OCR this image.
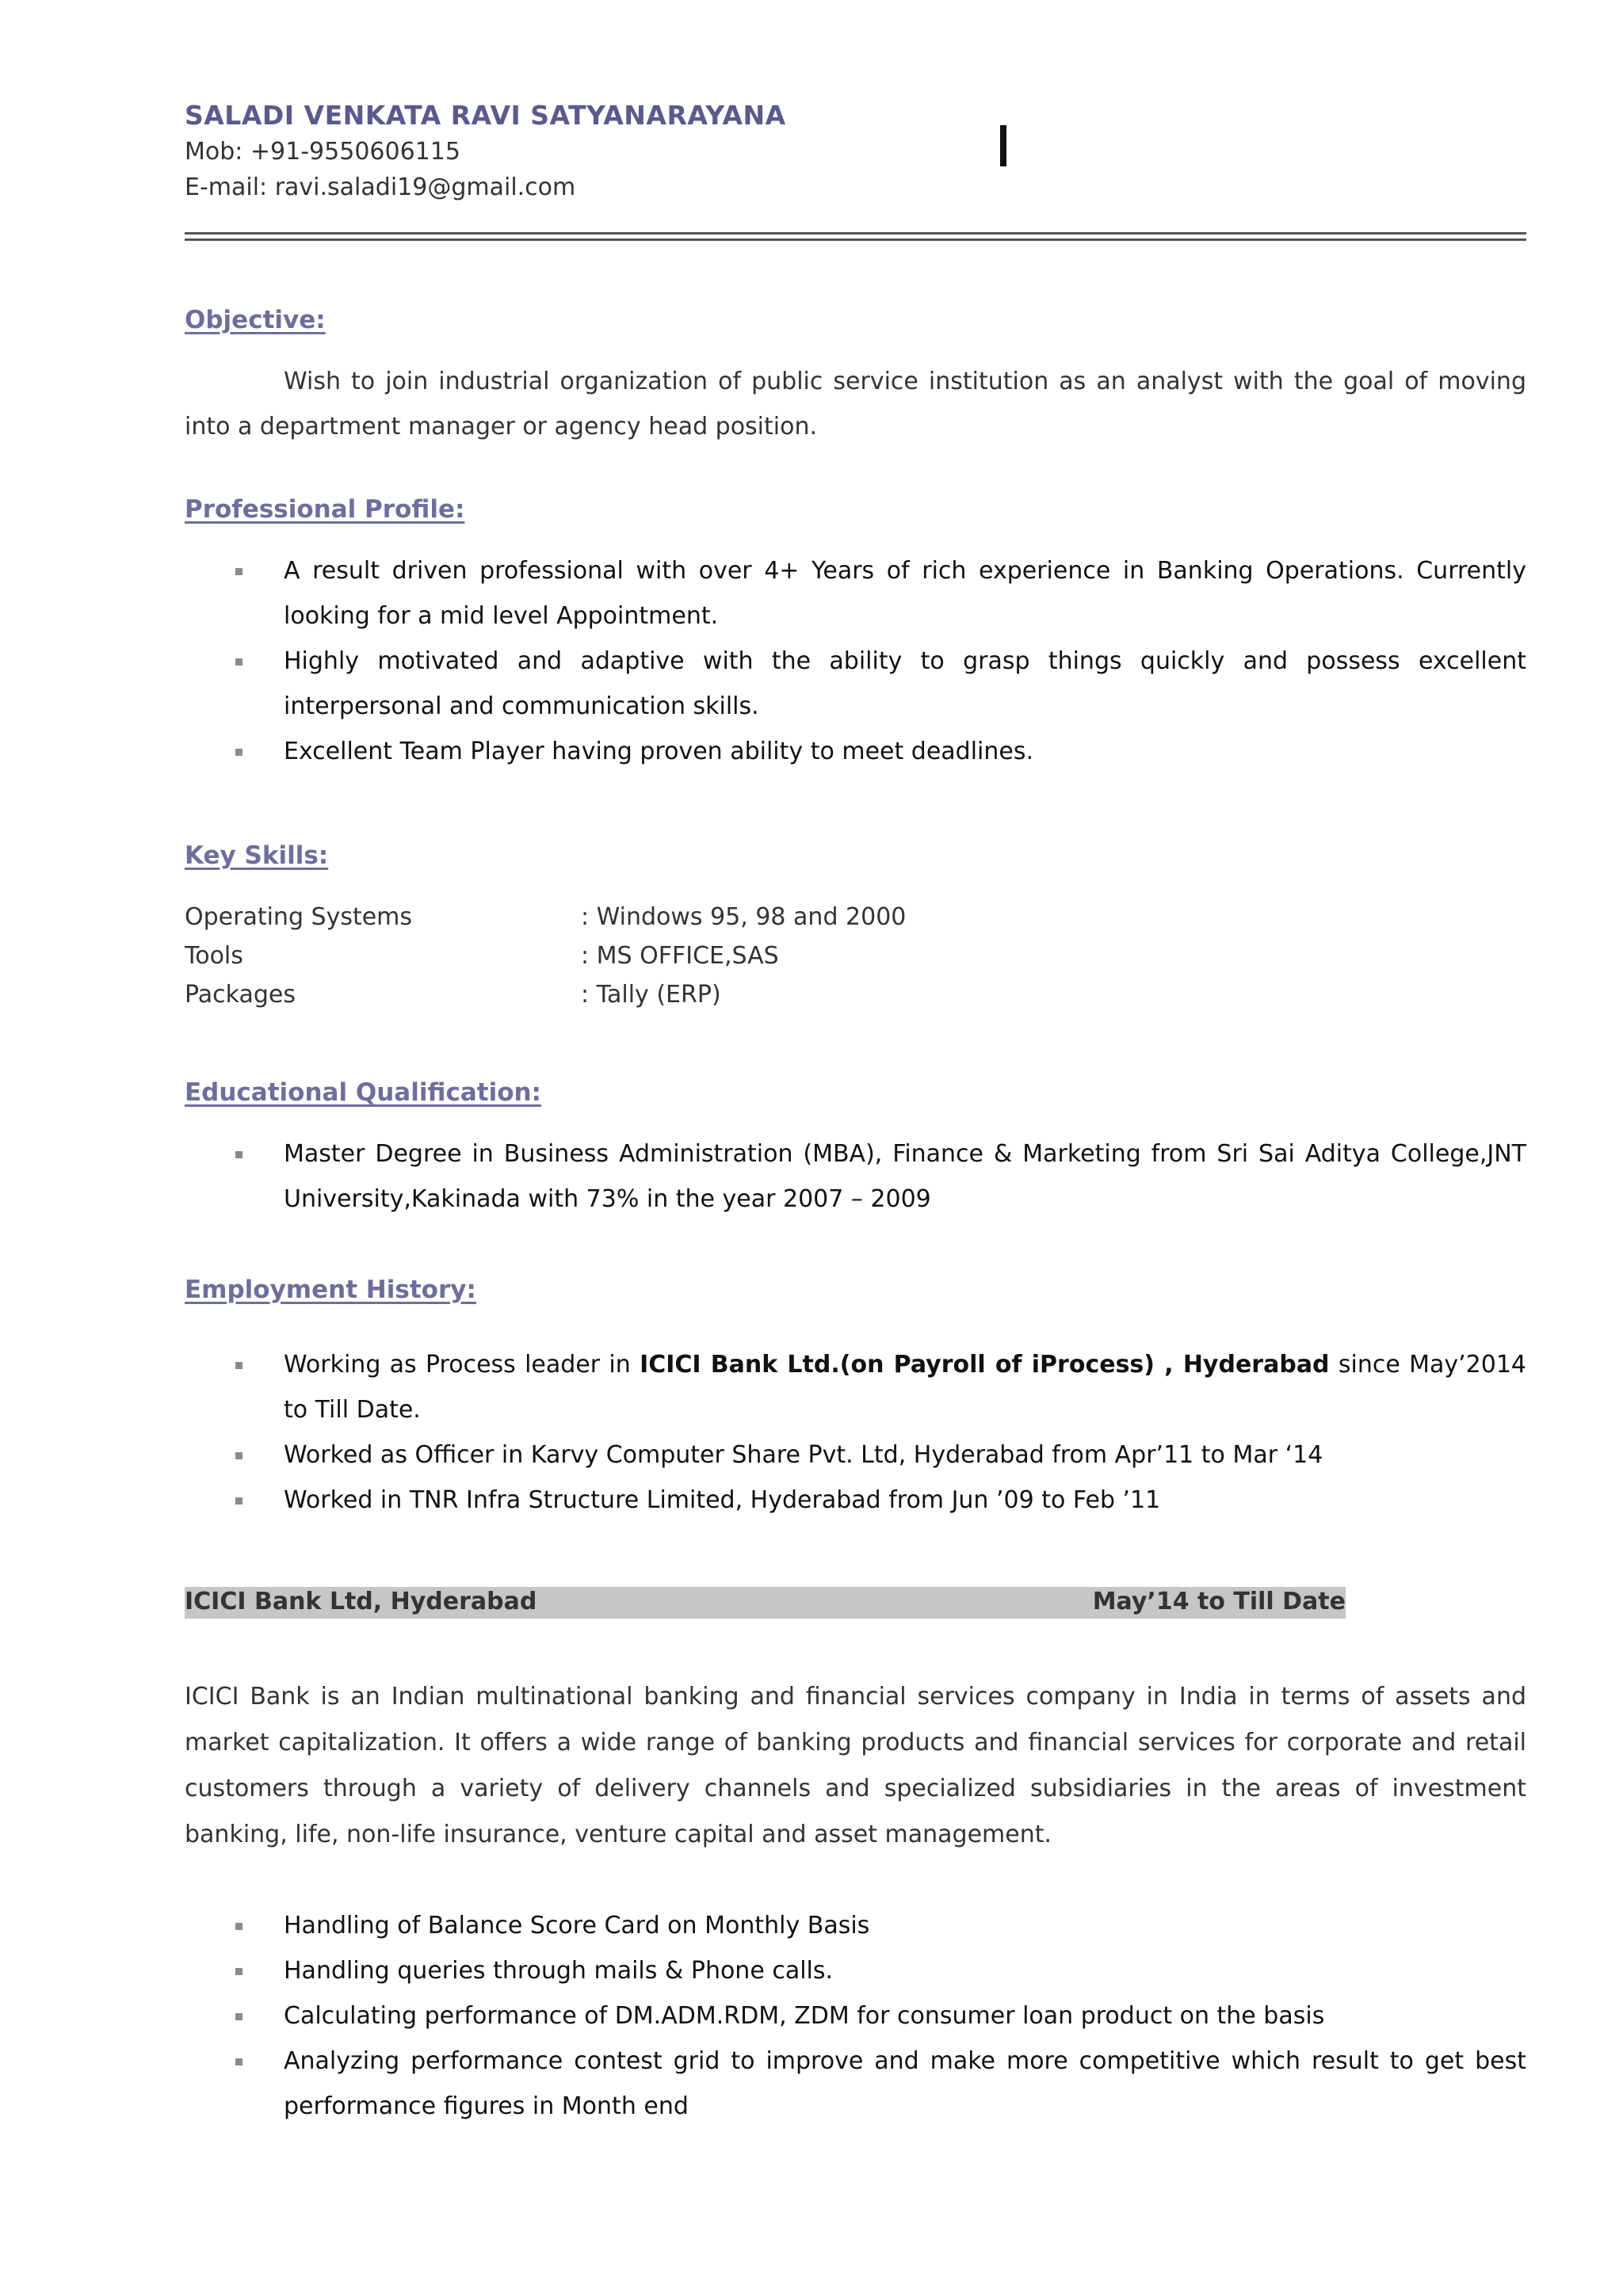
SALADI VENKATA RAVI SATYANARAYANA

Mob: +91-9550606115

E-mail: ravi.saladi19@gmail.com

Objective:

Wish to join industrial organization of public service institution as an analyst with the goal of moving into a department manager or agency head position.

Professional Profile:

A result driven professional with over 4+ Years of rich experience in Banking Operations. Currently looking for a mid level Appointment.
Highly motivated and adaptive with the ability to grasp things quickly and possess excellent interpersonal and communication skills.
Excellent Team Player having proven ability to meet deadlines.

Key Skills:

Operating Systems	: Windows 95, 98 and 2000
Tools	: MS OFFICE,SAS
Packages	: Tally (ERP)

Educational Qualification:

Master Degree in Business Administration (MBA), Finance & Marketing from Sri Sai Aditya College,JNT University,Kakinada with 73% in the year 2007 – 2009

Employment History:

Working as Process leader in ICICI Bank Ltd.(on Payroll of iProcess) , Hyderabad since May’2014 to Till Date.
Worked as Officer in Karvy Computer Share Pvt. Ltd, Hyderabad from Apr’11 to Mar ‘14
Worked in TNR Infra Structure Limited, Hyderabad from Jun ’09 to Feb ’11
ICICI Bank Ltd, Hyderabad	May’14 to Till Date

ICICI Bank is an Indian multinational banking and financial services company in India in terms of assets and market capitalization. It offers a wide range of banking products and financial services for corporate and retail customers through a variety of delivery channels and specialized subsidiaries in the areas of investment banking, life, non-life insurance, venture capital and asset management.

Handling of Balance Score Card on Monthly Basis
Handling queries through mails & Phone calls.
Calculating performance of DM.ADM.RDM, ZDM for consumer loan product on the basis
Analyzing performance contest grid to improve and make more competitive which result to get best performance figures in Month end
